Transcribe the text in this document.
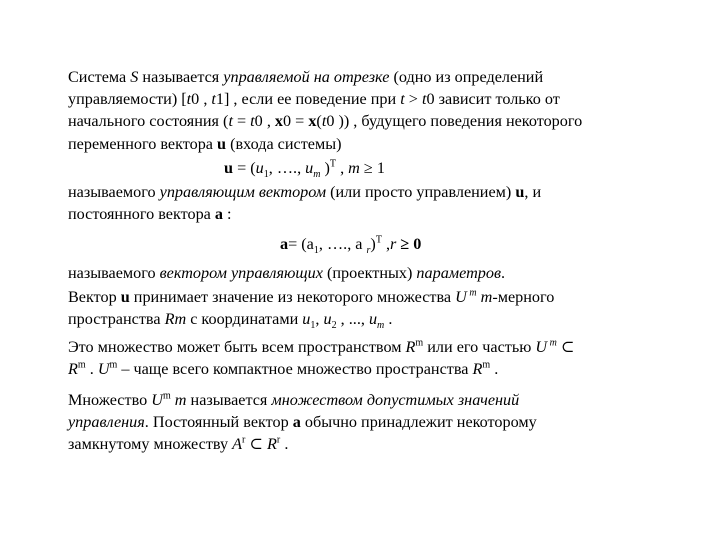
Система S называется управляемой на отрезке (одно из определений
управляемости) [t0 , t1] , если ее поведение при t > t0 зависит только от
начального состояния (t = t0 , x0 = x(t0 )) , будущего поведения некоторого
переменного вектора u (входа системы)

$u = (u_1$, …., $u_m$ )$^T$ , m ≥ 1

называемого управляющим вектором (или просто управлением) u, и
постоянного вектора a :

$a= (a_1$, …., a $_r$)$^T$ ,r ≥ 0

называемого вектором управляющих (проектных) параметров.

Вектор u принимает значение из некоторого множества U $^m$ m-мерного
пространства Rm с координатами $u_1$, $u_2$ , ..., $u_m$ .

Это множество может быть всем пространством $R^m$ или его частью U $^m$ ⊂
$R^m$ . $U^m$ – чаще всего компактное множество пространства $R^m$ .

Множество $U^m$ m называется множеством допустимых значений
управления. Постоянный вектор a обычно принадлежит некоторому
замкнутому множеству $A^r$ ⊂ $R^r$ .
